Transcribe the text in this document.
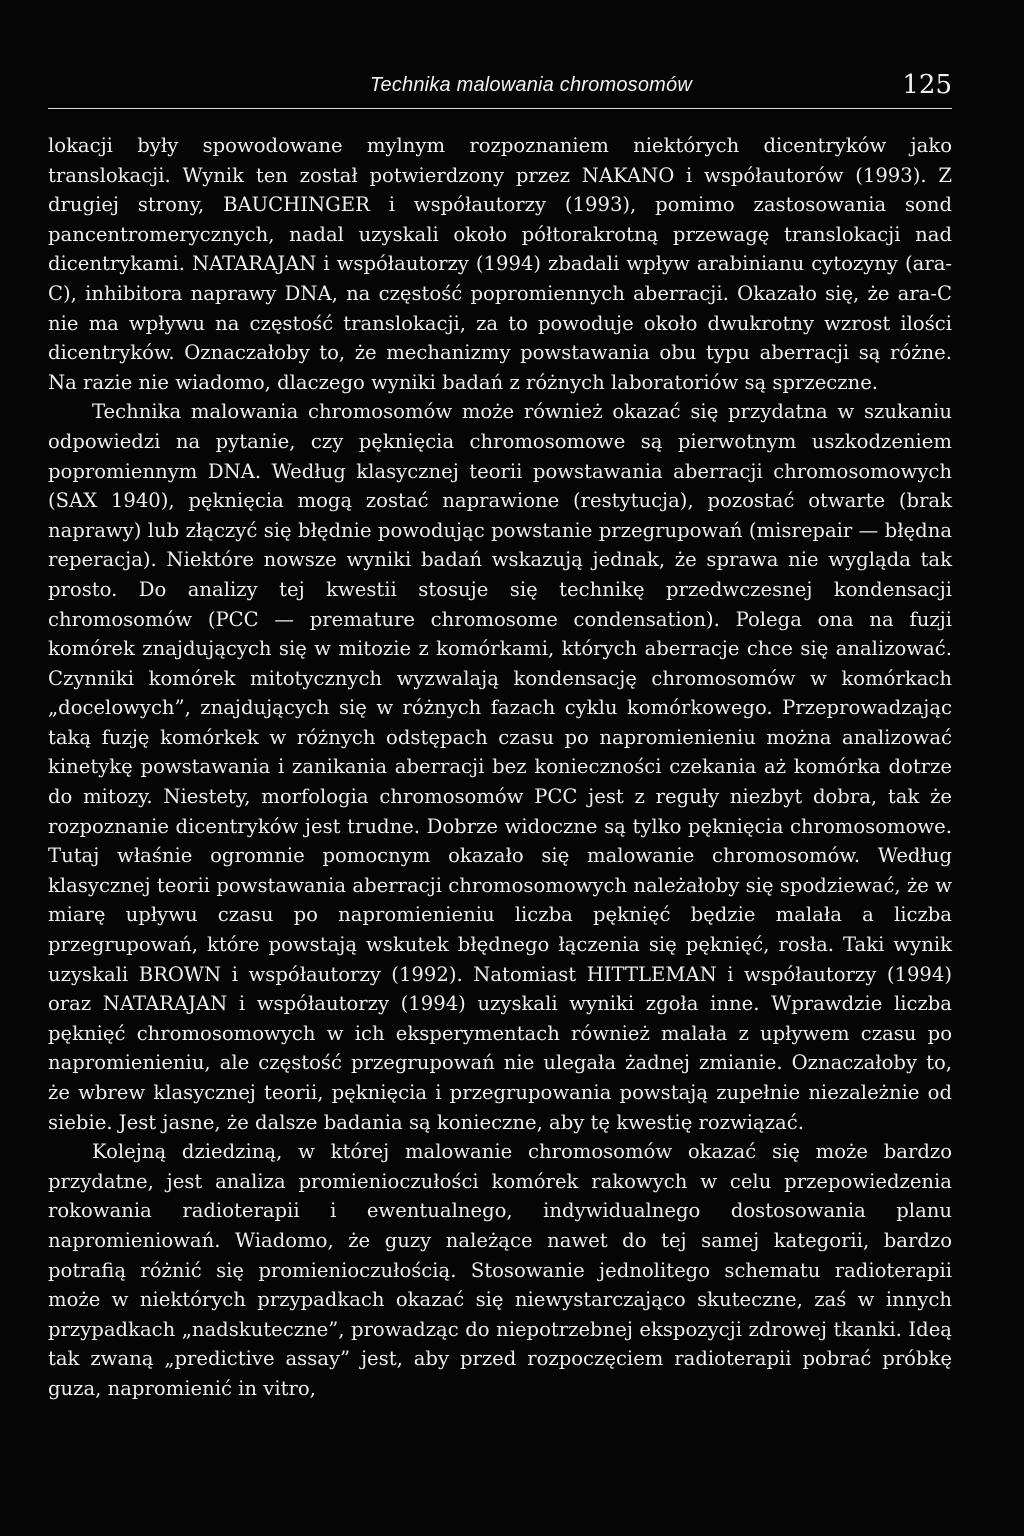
Technika malowania chromosomów	125

lokacji były spowodowane mylnym rozpoznaniem niektórych dicentryków jako translokacji. Wynik ten został potwierdzony przez NAKANO i współautorów (1993). Z drugiej strony, BAUCHINGER i współautorzy (1993), pomimo zastosowania sond pancentromerycznych, nadal uzyskali około półtorakrotną przewagę translokacji nad dicentrykami. NATARAJAN i współautorzy (1994) zbadali wpływ arabinianu cytozyny (ara-C), inhibitora naprawy DNA, na częstość popromiennych aberracji. Okazało się, że ara-C nie ma wpływu na częstość translokacji, za to powoduje około dwukrotny wzrost ilości dicentryków. Oznaczałoby to, że mechanizmy powstawania obu typu aberracji są różne. Na razie nie wiadomo, dlaczego wyniki badań z różnych laboratoriów są sprzeczne.

Technika malowania chromosomów może również okazać się przydatna w szukaniu odpowiedzi na pytanie, czy pęknięcia chromosomowe są pierwotnym uszkodzeniem popromiennym DNA. Według klasycznej teorii powstawania aberracji chromosomowych (SAX 1940), pęknięcia mogą zostać naprawione (restytucja), pozostać otwarte (brak naprawy) lub złączyć się błędnie powodując powstanie przegrupowań (misrepair — błędna reperacja). Niektóre nowsze wyniki badań wskazują jednak, że sprawa nie wygląda tak prosto. Do analizy tej kwestii stosuje się technikę przedwczesnej kondensacji chromosomów (PCC — premature chromosome condensation). Polega ona na fuzji komórek znajdujących się w mitozie z komórkami, których aberracje chce się analizować. Czynniki komórek mitotycznych wyzwalają kondensację chromosomów w komórkach „docelowych”, znajdujących się w różnych fazach cyklu komórkowego. Przeprowadzając taką fuzję komórkek w różnych odstępach czasu po napromienieniu można analizować kinetykę powstawania i zanikania aberracji bez konieczności czekania aż komórka dotrze do mitozy. Niestety, morfologia chromosomów PCC jest z reguły niezbyt dobra, tak że rozpoznanie dicentryków jest trudne. Dobrze widoczne są tylko pęknięcia chromosomowe. Tutaj właśnie ogromnie pomocnym okazało się malowanie chromosomów. Według klasycznej teorii powstawania aberracji chromosomowych należałoby się spodziewać, że w miarę upływu czasu po napromienieniu liczba pęknięć będzie malała a liczba przegrupowań, które powstają wskutek błędnego łączenia się pęknięć, rosła. Taki wynik uzyskali BROWN i współautorzy (1992). Natomiast HITTLEMAN i współautorzy (1994) oraz NATARAJAN i współautorzy (1994) uzyskali wyniki zgoła inne. Wprawdzie liczba pęknięć chromosomowych w ich eksperymentach również malała z upływem czasu po napromienieniu, ale częstość przegrupowań nie ulegała żadnej zmianie. Oznaczałoby to, że wbrew klasycznej teorii, pęknięcia i przegrupowania powstają zupełnie niezależnie od siebie. Jest jasne, że dalsze badania są konieczne, aby tę kwestię rozwiązać.

Kolejną dziedziną, w której malowanie chromosomów okazać się może bardzo przydatne, jest analiza promienioczułości komórek rakowych w celu przepowiedzenia rokowania radioterapii i ewentualnego, indywidualnego dostosowania planu napromieniowań. Wiadomo, że guzy należące nawet do tej samej kategorii, bardzo potrafią różnić się promienioczułością. Stosowanie jednolitego schematu radioterapii może w niektórych przypadkach okazać się niewystarczająco skuteczne, zaś w innych przypadkach „nadskuteczne”, prowadząc do niepotrzebnej ekspozycji zdrowej tkanki. Ideą tak zwaną „predictive assay” jest, aby przed rozpoczęciem radioterapii pobrać próbkę guza, napromienić in vitro,
